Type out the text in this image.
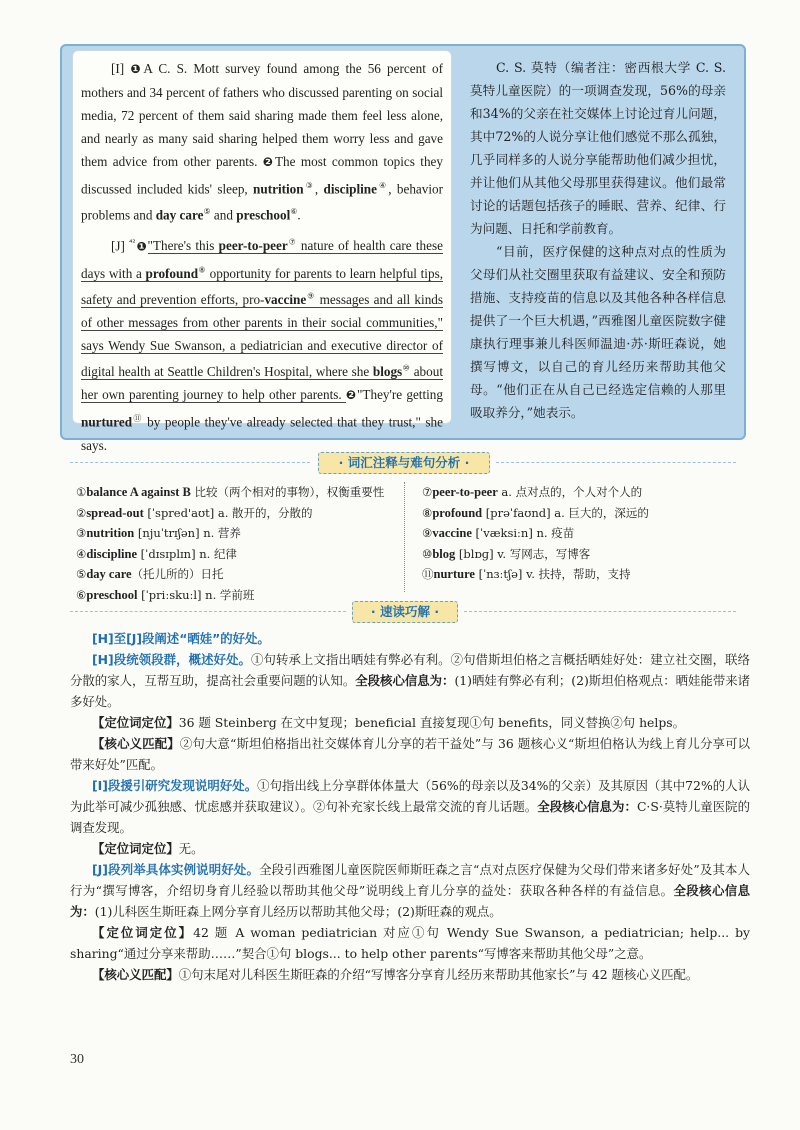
[I] ❶A C. S. Mott survey found among the 56 percent of mothers and 34 percent of fathers who discussed parenting on social media, 72 percent of them said sharing made them feel less alone, and nearly as many said sharing helped them worry less and gave them advice from other parents. ❷The most common topics they discussed included kids' sleep, nutrition③, discipline④, behavior problems and day care⑤ and preschool⑥.

[J] $^{^{42}}$❶"There's this peer-to-peer⑦ nature of health care these days with a profound⑧ opportunity for parents to learn helpful tips, safety and prevention efforts, pro-vaccine⑨ messages and all kinds of other messages from other parents in their social communities," says Wendy Sue Swanson, a pediatrician and executive director of digital health at Seattle Children's Hospital, where she blogs⑩ about her own parenting journey to help other parents. ❷"They're getting nurtured⑪ by people they've already selected that they trust," she says.

C. S. 莫特（编者注：密西根大学 C. S. 莫特儿童医院）的一项调查发现，56%的母亲和34%的父亲在社交媒体上讨论过育儿问题，其中72%的人说分享让他们感觉不那么孤独，几乎同样多的人说分享能帮助他们减少担忧，并让他们从其他父母那里获得建议。他们最常讨论的话题包括孩子的睡眠、营养、纪律、行为问题、日托和学前教育。

“目前，医疗保健的这种点对点的性质为父母们从社交圈里获取有益建议、安全和预防措施、支持疫苗的信息以及其他各种各样信息提供了一个巨大机遇，”西雅图儿童医院数字健康执行理事兼儿科医师温迪·苏·斯旺森说，她撰写博文，以自己的育儿经历来帮助其他父母。“他们正在从自己已经选定信赖的人那里吸取养分，”她表示。

· 词汇注释与难句分析 ·
①balance A against B 比较（两个相对的事物），权衡重要性
②spread-out [ˈspred'aʊt] a. 散开的，分散的
③nutrition [njuˈtrɪʃən] n. 营养
④discipline [ˈdɪsɪplɪn] n. 纪律
⑤day care（托儿所的）日托
⑥preschool [ˈpriːskuːl] n. 学前班
⑦peer-to-peer a. 点对点的，个人对个人的
⑧profound [prəˈfaʊnd] a. 巨大的，深远的
⑨vaccine [ˈvæksiːn] n. 疫苗
⑩blog [blɒɡ] v. 写网志，写博客
⑪nurture [ˈnɜːtʃə] v. 扶持，帮助，支持
· 速读巧解 ·

[H]至[J]段阐述“晒娃”的好处。

[H]段统领段群，概述好处。①句转承上文指出晒娃有弊必有利。②句借斯坦伯格之言概括晒娃好处：建立社交圈，联络分散的家人，互帮互助，提高社会重要问题的认知。全段核心信息为：(1)晒娃有弊必有利；(2)斯坦伯格观点：晒娃能带来诸多好处。

【定位词定位】36 题 Steinberg 在文中复现；beneficial 直接复现①句 benefits，同义替换②句 helps。

【核心义匹配】②句大意“斯坦伯格指出社交媒体育儿分享的若干益处”与 36 题核心义“斯坦伯格认为线上育儿分享可以带来好处”匹配。

[I]段援引研究发现说明好处。①句指出线上分享群体体量大（56%的母亲以及34%的父亲）及其原因（其中72%的人认为此举可减少孤独感、忧虑感并获取建议）。②句补充家长线上最常交流的育儿话题。全段核心信息为：C·S·莫特儿童医院的调查发现。

【定位词定位】无。

[J]段列举具体实例说明好处。全段引西雅图儿童医院医师斯旺森之言“点对点医疗保健为父母们带来诸多好处”及其本人行为“撰写博客，介绍切身育儿经验以帮助其他父母”说明线上育儿分享的益处：获取各种各样的有益信息。全段核心信息为：(1)儿科医生斯旺森上网分享育儿经历以帮助其他父母；(2)斯旺森的观点。

【定位词定位】42 题 A woman pediatrician 对应①句 Wendy Sue Swanson, a pediatrician; help... by sharing“通过分享来帮助……”契合①句 blogs... to help other parents“写博客来帮助其他父母”之意。

【核心义匹配】①句末尾对儿科医生斯旺森的介绍“写博客分享育儿经历来帮助其他家长”与 42 题核心义匹配。

30
